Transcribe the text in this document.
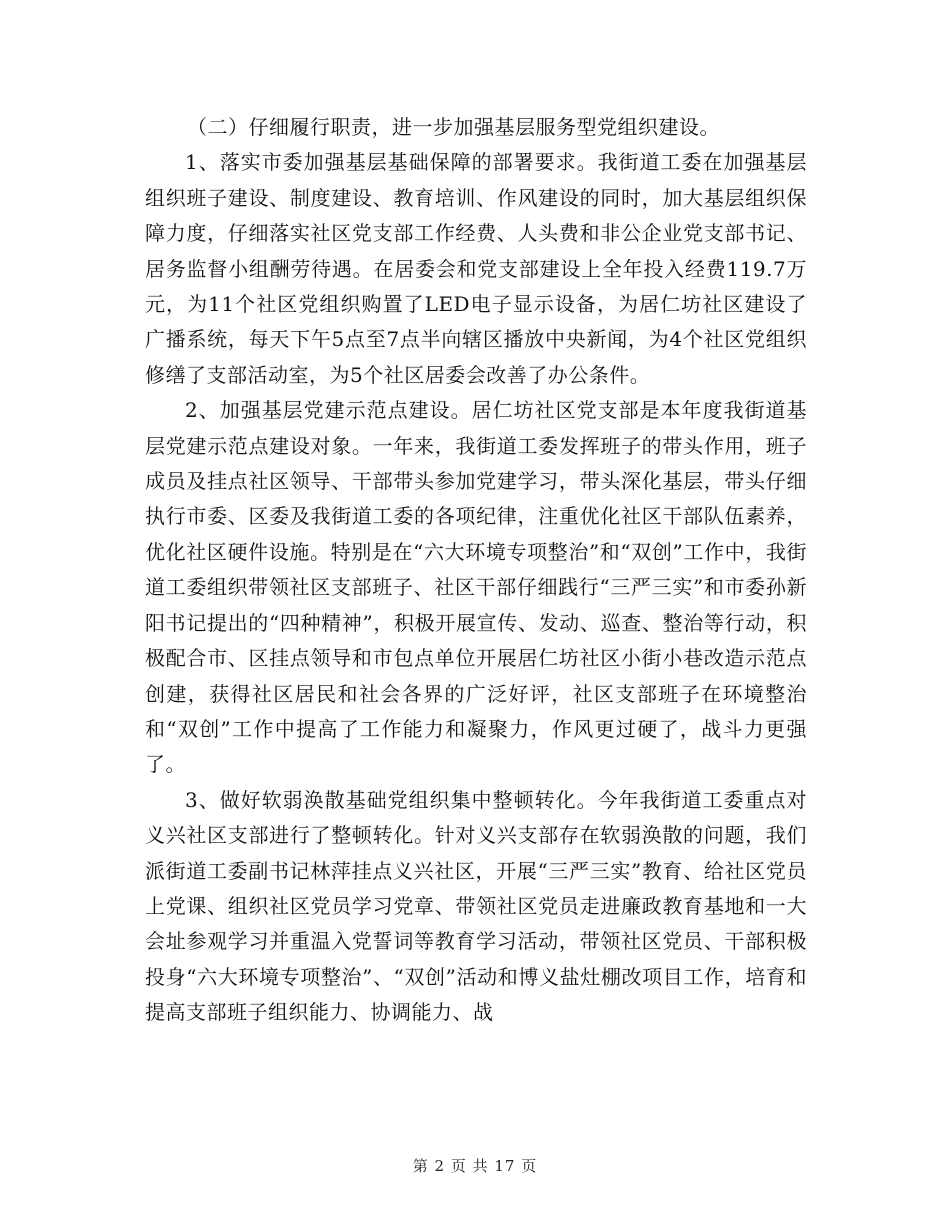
（二）仔细履行职责，进一步加强基层服务型党组织建设。

1、落实市委加强基层基础保障的部署要求。我街道工委在加强基层组织班子建设、制度建设、教育培训、作风建设的同时，加大基层组织保障力度，仔细落实社区党支部工作经费、人头费和非公企业党支部书记、居务监督小组酬劳待遇。在居委会和党支部建设上全年投入经费119.7万元，为11个社区党组织购置了LED电子显示设备，为居仁坊社区建设了广播系统，每天下午5点至7点半向辖区播放中央新闻，为4个社区党组织修缮了支部活动室，为5个社区居委会改善了办公条件。

2、加强基层党建示范点建设。居仁坊社区党支部是本年度我街道基层党建示范点建设对象。一年来，我街道工委发挥班子的带头作用，班子成员及挂点社区领导、干部带头参加党建学习，带头深化基层，带头仔细执行市委、区委及我街道工委的各项纪律，注重优化社区干部队伍素养，优化社区硬件设施。特别是在“六大环境专项整治”和“双创”工作中，我街道工委组织带领社区支部班子、社区干部仔细践行“三严三实”和市委孙新阳书记提出的“四种精神”，积极开展宣传、发动、巡查、整治等行动，积极配合市、区挂点领导和市包点单位开展居仁坊社区小街小巷改造示范点创建，获得社区居民和社会各界的广泛好评，社区支部班子在环境整治和“双创”工作中提高了工作能力和凝聚力，作风更过硬了，战斗力更强了。

3、做好软弱涣散基础党组织集中整顿转化。今年我街道工委重点对义兴社区支部进行了整顿转化。针对义兴支部存在软弱涣散的问题，我们派街道工委副书记林萍挂点义兴社区，开展“三严三实”教育、给社区党员上党课、组织社区党员学习党章、带领社区党员走进廉政教育基地和一大会址参观学习并重温入党誓词等教育学习活动，带领社区党员、干部积极投身“六大环境专项整治”、“双创”活动和博义盐灶棚改项目工作，培育和提高支部班子组织能力、协调能力、战

第 2 页 共 17 页
